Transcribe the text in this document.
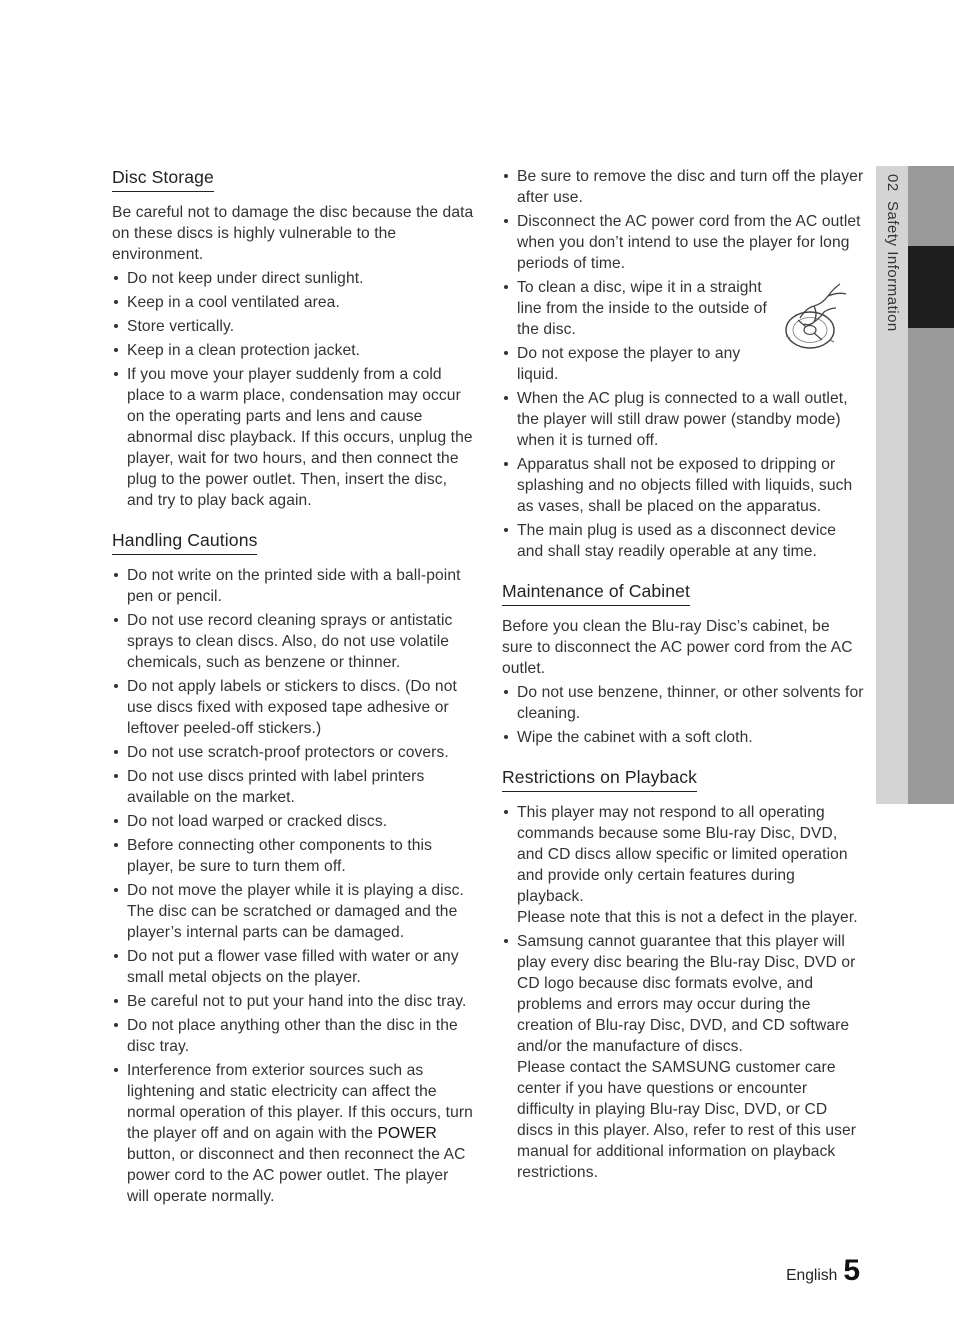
02  Safety Information
Disc Storage

Be careful not to damage the disc because the data on these discs is highly vulnerable to the environment.

Do not keep under direct sunlight.
Keep in a cool ventilated area.
Store vertically.
Keep in a clean protection jacket.
If you move your player suddenly from a cold place to a warm place, condensation may occur on the operating parts and lens and cause abnormal disc playback. If this occurs, unplug the player, wait for two hours, and then connect the plug to the power outlet. Then, insert the disc, and try to play back again.
Handling Cautions
Do not write on the printed side with a ball-point pen or pencil.
Do not use record cleaning sprays or antistatic sprays to clean discs. Also, do not use volatile chemicals, such as benzene or thinner.
Do not apply labels or stickers to discs. (Do not use discs fixed with exposed tape adhesive or leftover peeled-off stickers.)
Do not use scratch-proof protectors or covers.
Do not use discs printed with label printers available on the market.
Do not load warped or cracked discs.
Before connecting other components to this player, be sure to turn them off.
Do not move the player while it is playing a disc. The disc can be scratched or damaged and the player’s internal parts can be damaged.
Do not put a flower vase filled with water or any small metal objects on the player.
Be careful not to put your hand into the disc tray.
Do not place anything other than the disc in the disc tray.
Interference from exterior sources such as lightening and static electricity can affect the normal operation of this player. If this occurs, turn the player off and on again with the POWER button, or disconnect and then reconnect the AC power cord to the AC power outlet. The player will operate normally.
Be sure to remove the disc and turn off the player after use.
Disconnect the AC power cord from the AC outlet when you don’t intend to use the player for long periods of time.
To clean a disc, wipe it in a straight line from the inside to the outside of the disc.
Do not expose the player to any liquid.
When the AC plug is connected to a wall outlet, the player will still draw power (standby mode) when it is turned off.
Apparatus shall not be exposed to dripping or splashing and no objects filled with liquids, such as vases, shall be placed on the apparatus.
The main plug is used as a disconnect device and shall stay readily operable at any time.
Maintenance of Cabinet

Before you clean the Blu-ray Disc’s cabinet, be sure to disconnect the AC power cord from the AC outlet.

Do not use benzene, thinner, or other solvents for cleaning.
Wipe the cabinet with a soft cloth.
Restrictions on Playback
This player may not respond to all operating commands because some Blu-ray Disc, DVD, and CD discs allow specific or limited operation and provide only certain features during playback.
Please note that this is not a defect in the player.
Samsung cannot guarantee that this player will play every disc bearing the Blu-ray Disc, DVD or CD logo because disc formats evolve, and problems and errors may occur during the creation of Blu-ray Disc, DVD, and CD software and/or the manufacture of discs.
Please contact the SAMSUNG customer care center if you have questions or encounter difficulty in playing Blu-ray Disc, DVD, or CD discs in this player. Also, refer to rest of this user manual for additional information on playback restrictions.
English 5
